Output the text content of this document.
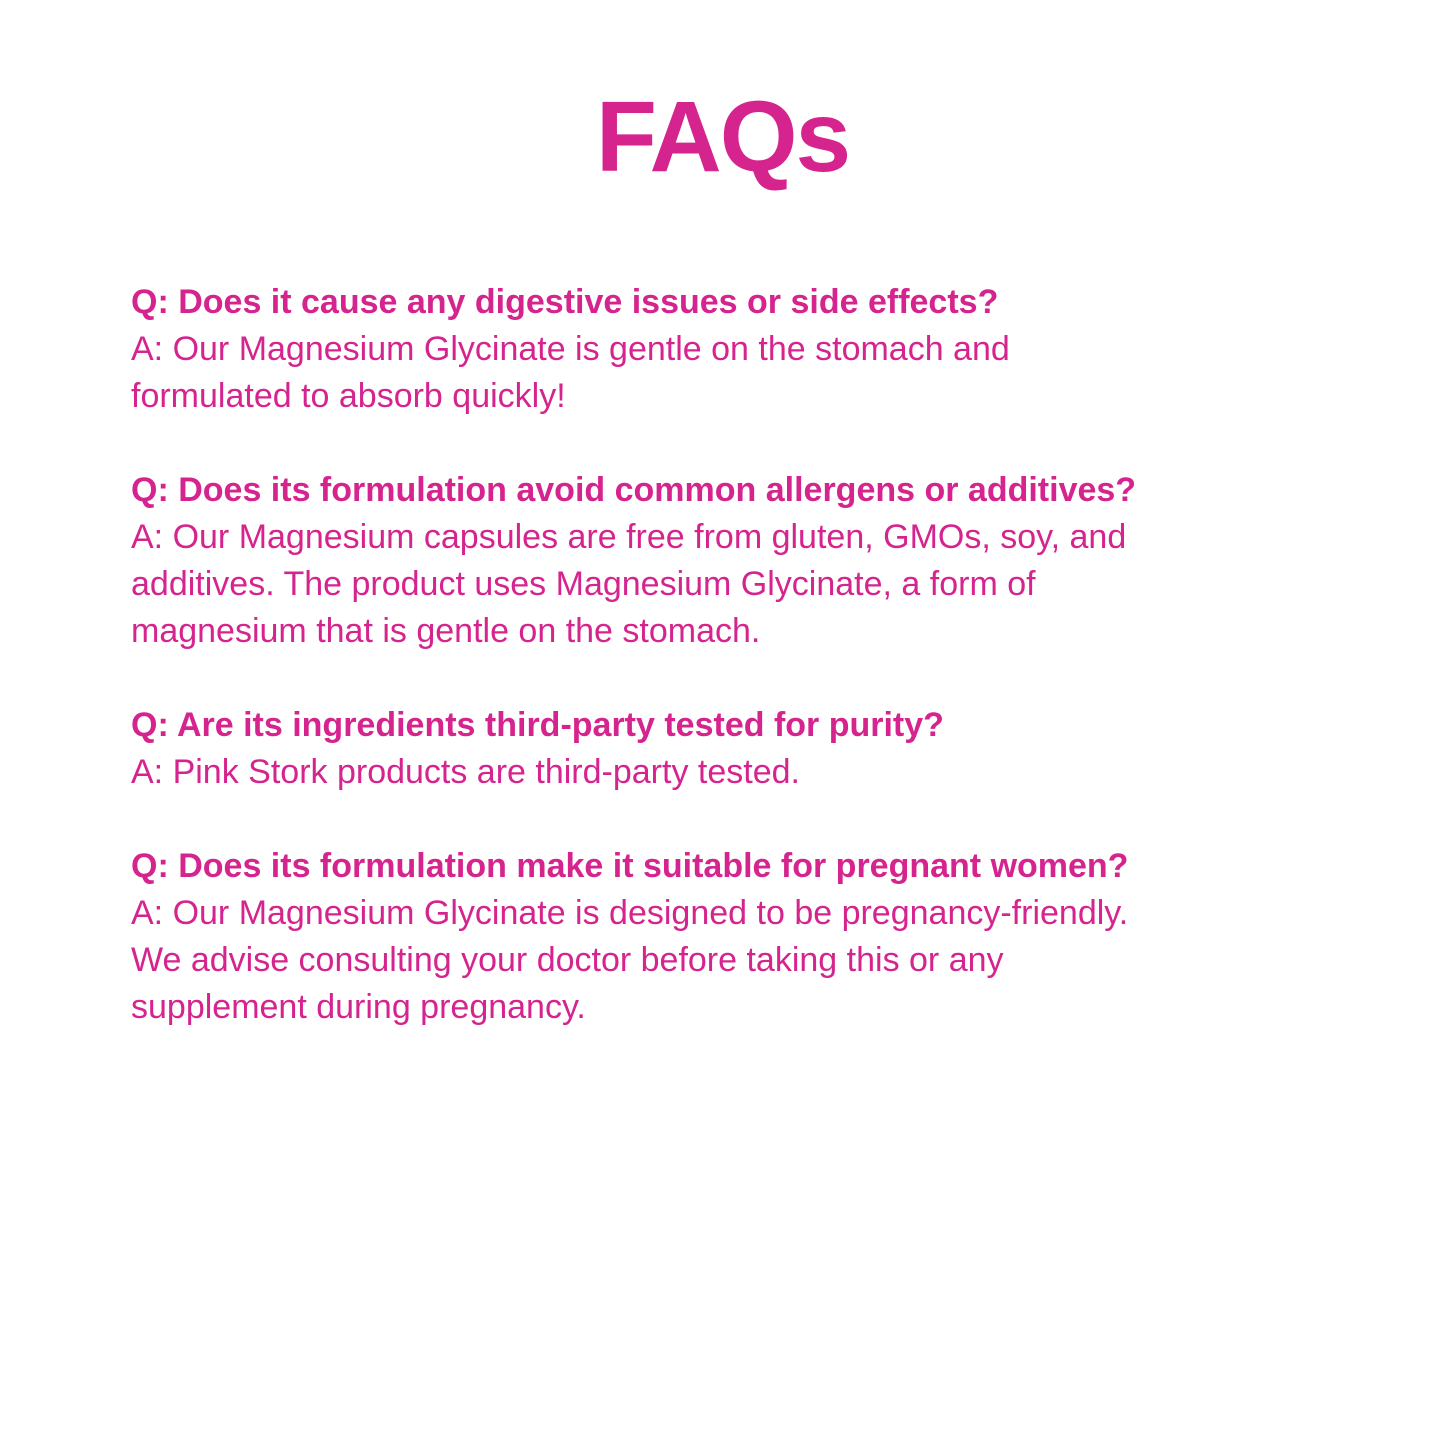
FAQs

Q: Does it cause any digestive issues or side effects?

A: Our Magnesium Glycinate is gentle on the stomach and
formulated to absorb quickly!

Q: Does its formulation avoid common allergens or additives?

A: Our Magnesium capsules are free from gluten, GMOs, soy, and
additives. The product uses Magnesium Glycinate, a form of
magnesium that is gentle on the stomach.

Q: Are its ingredients third-party tested for purity?

A: Pink Stork products are third-party tested.

Q: Does its formulation make it suitable for pregnant women?

A: Our Magnesium Glycinate is designed to be pregnancy-friendly.
We advise consulting your doctor before taking this or any
supplement during pregnancy.
